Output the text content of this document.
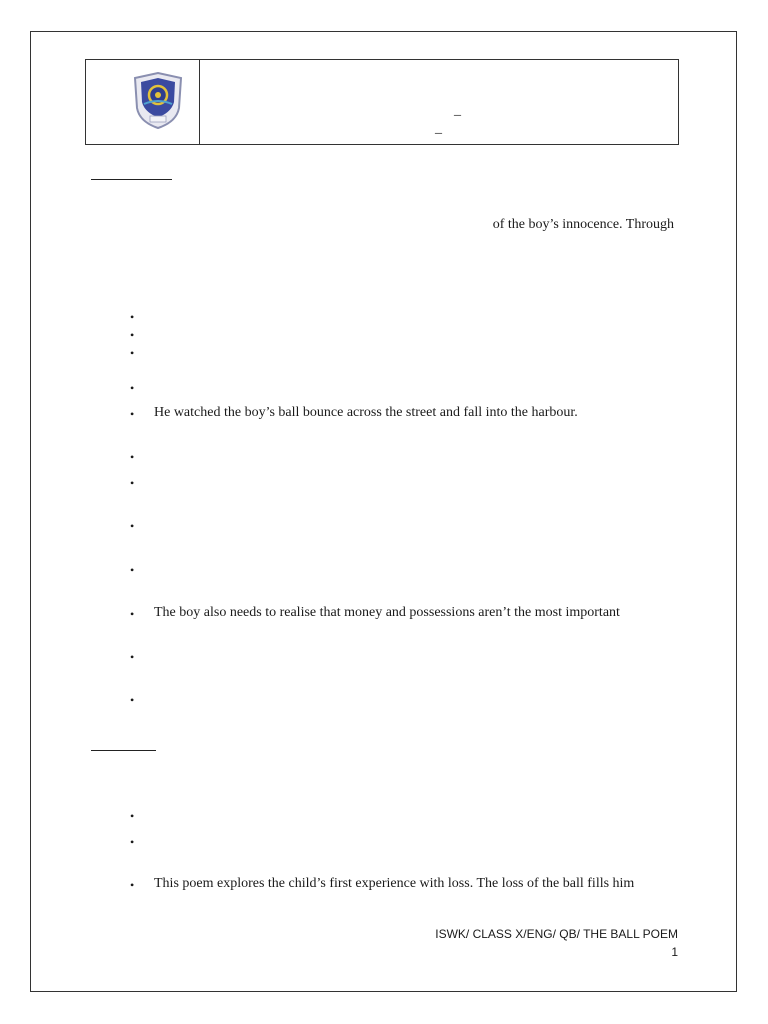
_
_
of the boy’s innocence. Through
•
•
•
•
• He watched the boy’s ball bounce across the street and fall into the harbour.
•
•
•
•
• The boy also needs to realise that money and possessions aren’t the most important
•
•
•
•
• This poem explores the child’s first experience with loss. The loss of the ball fills him
ISWK/ CLASS X/ENG/ QB/ THE BALL POEM
1
